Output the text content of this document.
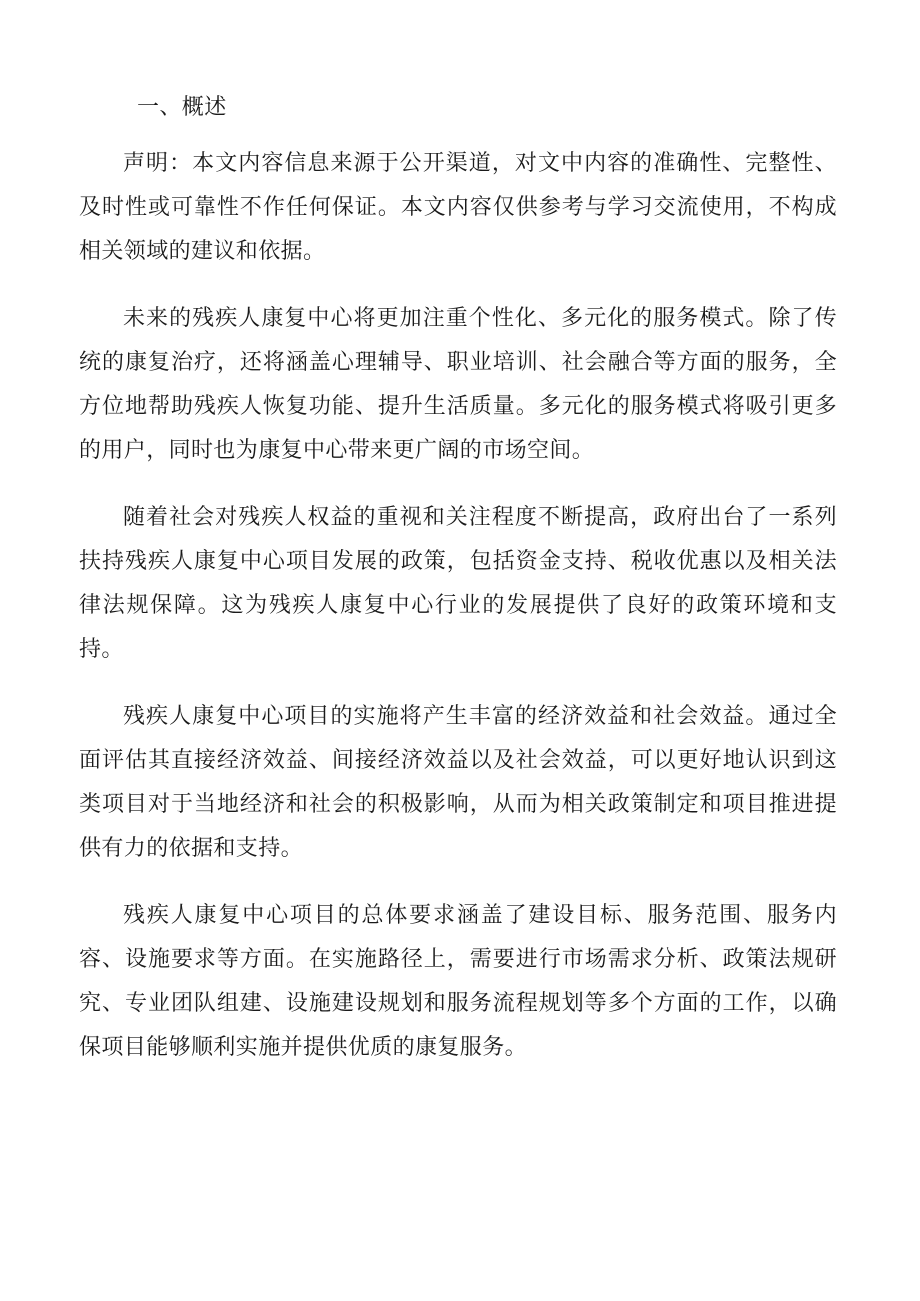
一、概述

声明：本文内容信息来源于公开渠道，对文中内容的准确性、完整性、及时性或可靠性不作任何保证。本文内容仅供参考与学习交流使用，不构成相关领域的建议和依据。

未来的残疾人康复中心将更加注重个性化、多元化的服务模式。除了传统的康复治疗，还将涵盖心理辅导、职业培训、社会融合等方面的服务，全方位地帮助残疾人恢复功能、提升生活质量。多元化的服务模式将吸引更多的用户，同时也为康复中心带来更广阔的市场空间。

随着社会对残疾人权益的重视和关注程度不断提高，政府出台了一系列扶持残疾人康复中心项目发展的政策，包括资金支持、税收优惠以及相关法律法规保障。这为残疾人康复中心行业的发展提供了良好的政策环境和支持。

残疾人康复中心项目的实施将产生丰富的经济效益和社会效益。通过全面评估其直接经济效益、间接经济效益以及社会效益，可以更好地认识到这类项目对于当地经济和社会的积极影响，从而为相关政策制定和项目推进提供有力的依据和支持。

残疾人康复中心项目的总体要求涵盖了建设目标、服务范围、服务内容、设施要求等方面。在实施路径上，需要进行市场需求分析、政策法规研究、专业团队组建、设施建设规划和服务流程规划等多个方面的工作，以确保项目能够顺利实施并提供优质的康复服务。
